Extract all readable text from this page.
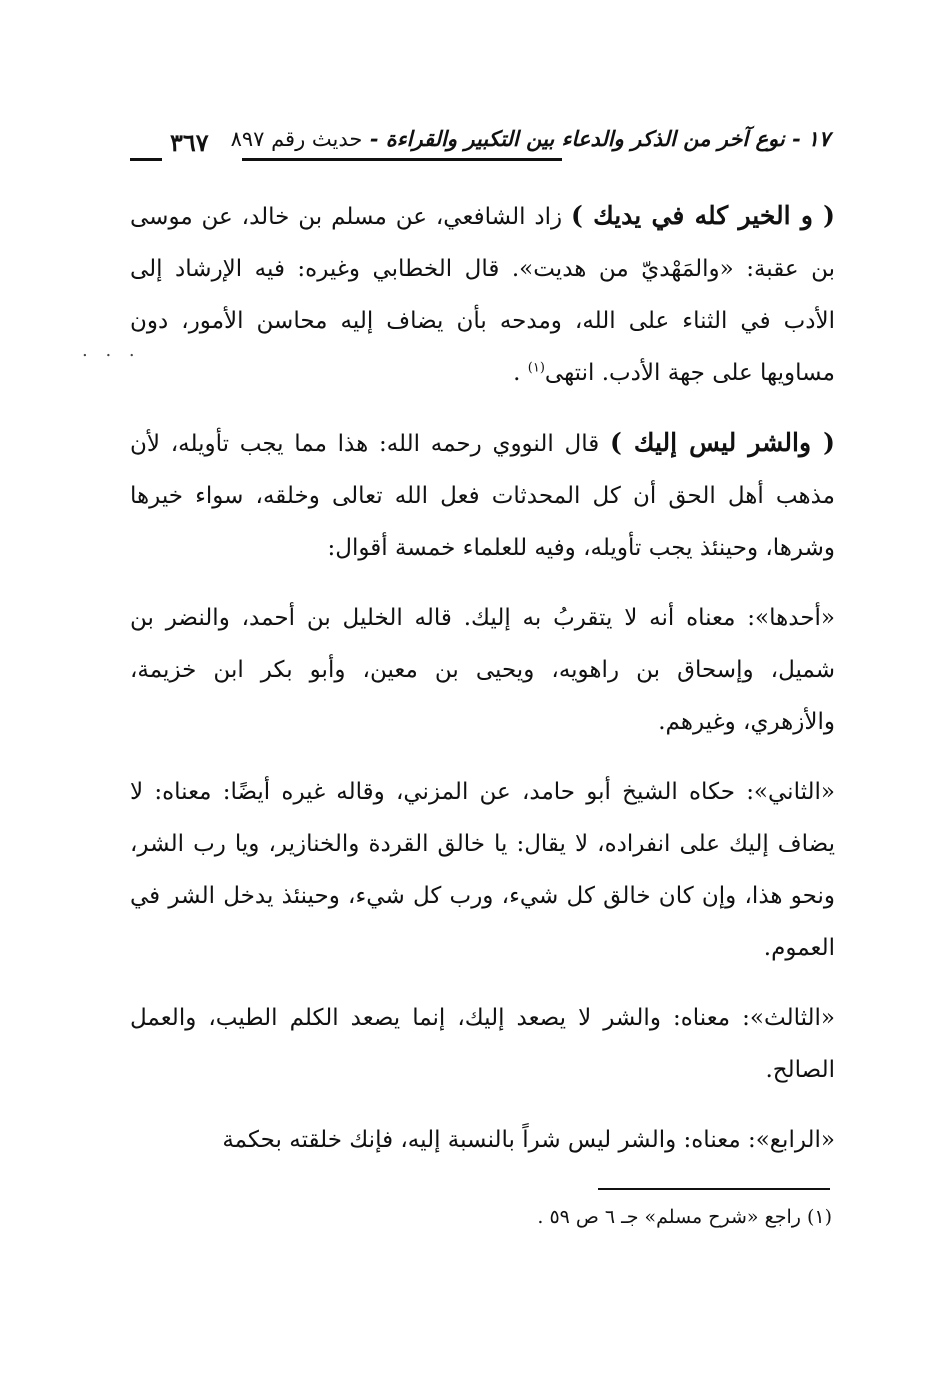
١٧ - نوع آخر من الذكر والدعاء بين التكبير والقراءة - حديث رقم ٨٩٧
٣٦٧
. . .

( و الخير كله في يديك ) زاد الشافعي، عن مسلم بن خالد، عن موسى بن عقبة: «والمَهْديّ من هديت». قال الخطابي وغيره: فيه الإرشاد إلى الأدب في الثناء على الله، ومدحه بأن يضاف إليه محاسن الأمور، دون مساويها على جهة الأدب. انتهى$^{(١)}$ .

( والشر ليس إليك ) قال النووي رحمه الله: هذا مما يجب تأويله، لأن مذهب أهل الحق أن كل المحدثات فعل الله تعالى وخلقه، سواء خيرها وشرها، وحينئذ يجب تأويله، وفيه للعلماء خمسة أقوال:

«أحدها»: معناه أنه لا يتقربُ به إليك. قاله الخليل بن أحمد، والنضر بن شميل، وإسحاق بن راهويه، ويحيى بن معين، وأبو بكر ابن خزيمة، والأزهري، وغيرهم.

«الثاني»: حكاه الشيخ أبو حامد، عن المزني، وقاله غيره أيضًا: معناه: لا يضاف إليك على انفراده، لا يقال: يا خالق القردة والخنازير، ويا رب الشر، ونحو هذا، وإن كان خالق كل شيء، ورب كل شيء، وحينئذ يدخل الشر في العموم.

«الثالث»: معناه: والشر لا يصعد إليك، إنما يصعد الكلم الطيب، والعمل الصالح.

«الرابع»: معناه: والشر ليس شراً بالنسبة إليه، فإنك خلقته بحكمة

(١) راجع «شرح مسلم» جـ ٦ ص ٥٩ .
